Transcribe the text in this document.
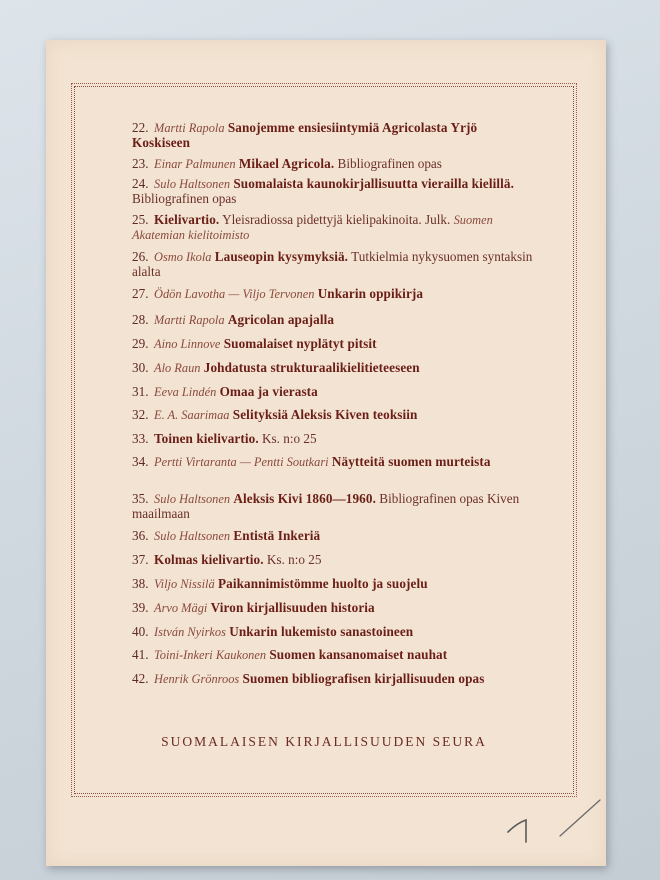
22. Martti Rapola Sanojemme ensiesiintymiä Agricolasta Yrjö Koskiseen
23. Einar Palmunen Mikael Agricola. Bibliografinen opas
24. Sulo Haltsonen Suomalaista kaunokirjallisuutta vierailla kielillä. Bibliografinen opas
25. Kielivartio. Yleisradiossa pidettyjä kielipakinoita. Julk. Suomen Akatemian kielitoimisto
26. Osmo Ikola Lauseopin kysymyksiä. Tutkielmia nykysuomen syntaksin alalta
27. Ödön Lavotha — Viljo Tervonen Unkarin oppikirja
28. Martti Rapola Agricolan apajalla
29. Aino Linnove Suomalaiset nyplätyt pitsit
30. Alo Raun Johdatusta strukturaalikielitieteeseen
31. Eeva Lindén Omaa ja vierasta
32. E. A. Saarimaa Selityksiä Aleksis Kiven teoksiin
33. Toinen kielivartio. Ks. n:o 25
34. Pertti Virtaranta — Pentti Soutkari Näytteitä suomen murteista
35. Sulo Haltsonen Aleksis Kivi 1860—1960. Bibliografinen opas Kiven maailmaan
36. Sulo Haltsonen Entistä Inkeriä
37. Kolmas kielivartio. Ks. n:o 25
38. Viljo Nissilä Paikannimistömme huolto ja suojelu
39. Arvo Mägi Viron kirjallisuuden historia
40. István Nyirkos Unkarin lukemisto sanastoineen
41. Toini-Inkeri Kaukonen Suomen kansanomaiset nauhat
42. Henrik Grönroos Suomen bibliografisen kirjallisuuden opas
SUOMALAISEN KIRJALLISUUDEN SEURA
